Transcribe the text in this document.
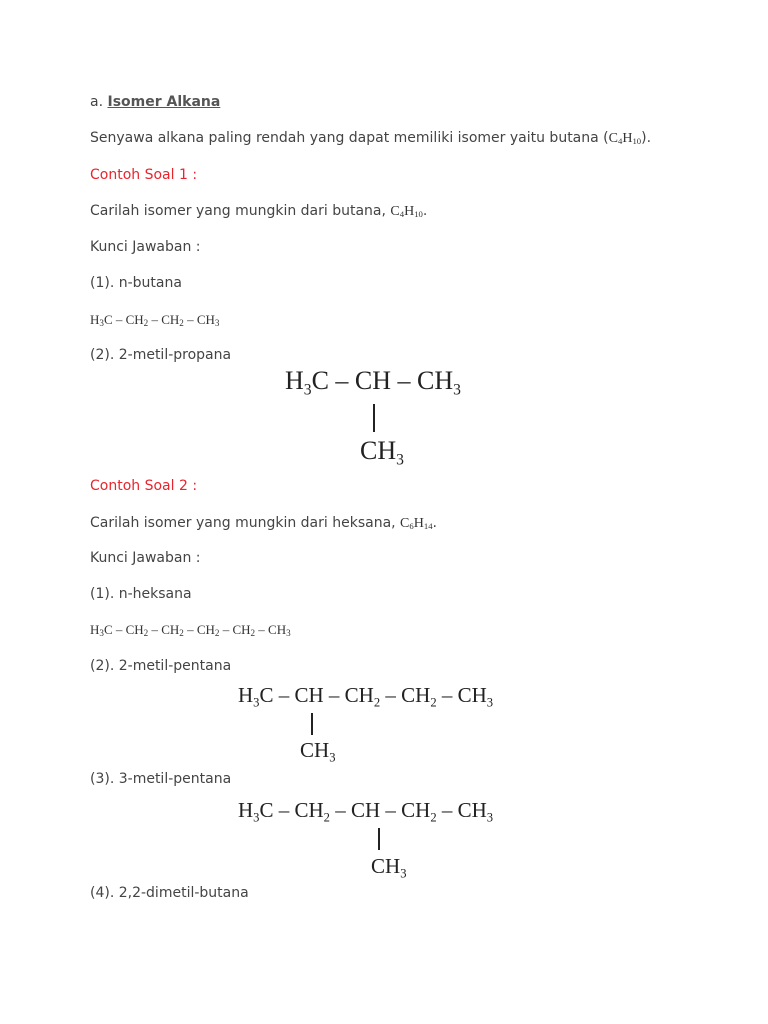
a. Isomer Alkana
Senyawa alkana paling rendah yang dapat memiliki isomer yaitu butana $(C_4H_{10})$.
Contoh Soal 1 :
Carilah isomer yang mungkin dari butana, $C_4H_{10}$.
Kunci Jawaban :
(1). n-butana
$H_3C - CH_2 - CH_2 - CH_3$
(2). 2-metil-propana
$H_3C$ – CH – $CH_3$
$CH_3$
Contoh Soal 2 :
Carilah isomer yang mungkin dari heksana, $C_6H_{14}$.
Kunci Jawaban :
(1). n-heksana
$H_3C - CH_2 - CH_2 - CH_2 - CH_2 - CH_3$
(2). 2-metil-pentana
$H_3C$ – CH – $CH_2 - CH_2 - CH_3$
$CH_3$
(3). 3-metil-pentana
$H_3C - CH_2$ – CH – $CH_2 - CH_3$
$CH_3$
(4). 2,2-dimetil-butana
